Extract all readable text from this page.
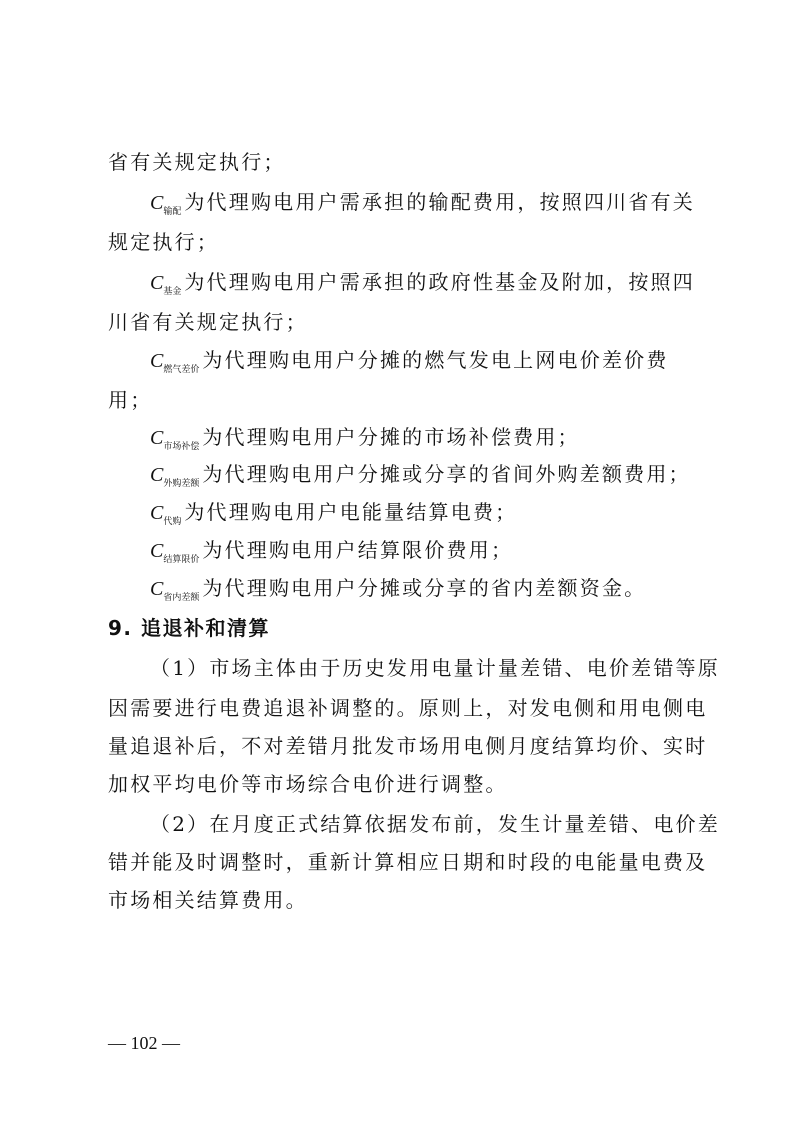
省有关规定执行；
$C_{输配}$ 为代理购电用户需承担的输配费用，按照四川省有关
规定执行；
$C_{基金}$ 为代理购电用户需承担的政府性基金及附加，按照四
川省有关规定执行；
$C_{燃气差价}$ 为代理购电用户分摊的燃气发电上网电价差价费
用；
$C_{市场补偿}$ 为代理购电用户分摊的市场补偿费用；
$C_{外购差额}$ 为代理购电用户分摊或分享的省间外购差额费用；
$C_{代购}$ 为代理购电用户电能量结算电费；
$C_{结算限价}$ 为代理购电用户结算限价费用；
$C_{省内差额}$ 为代理购电用户分摊或分享的省内差额资金。
9. 追退补和清算
（1）市场主体由于历史发用电量计量差错、电价差错等原
因需要进行电费追退补调整的。原则上，对发电侧和用电侧电
量追退补后，不对差错月批发市场用电侧月度结算均价、实时
加权平均电价等市场综合电价进行调整。
（2）在月度正式结算依据发布前，发生计量差错、电价差
错并能及时调整时，重新计算相应日期和时段的电能量电费及
市场相关结算费用。
— 102 —
